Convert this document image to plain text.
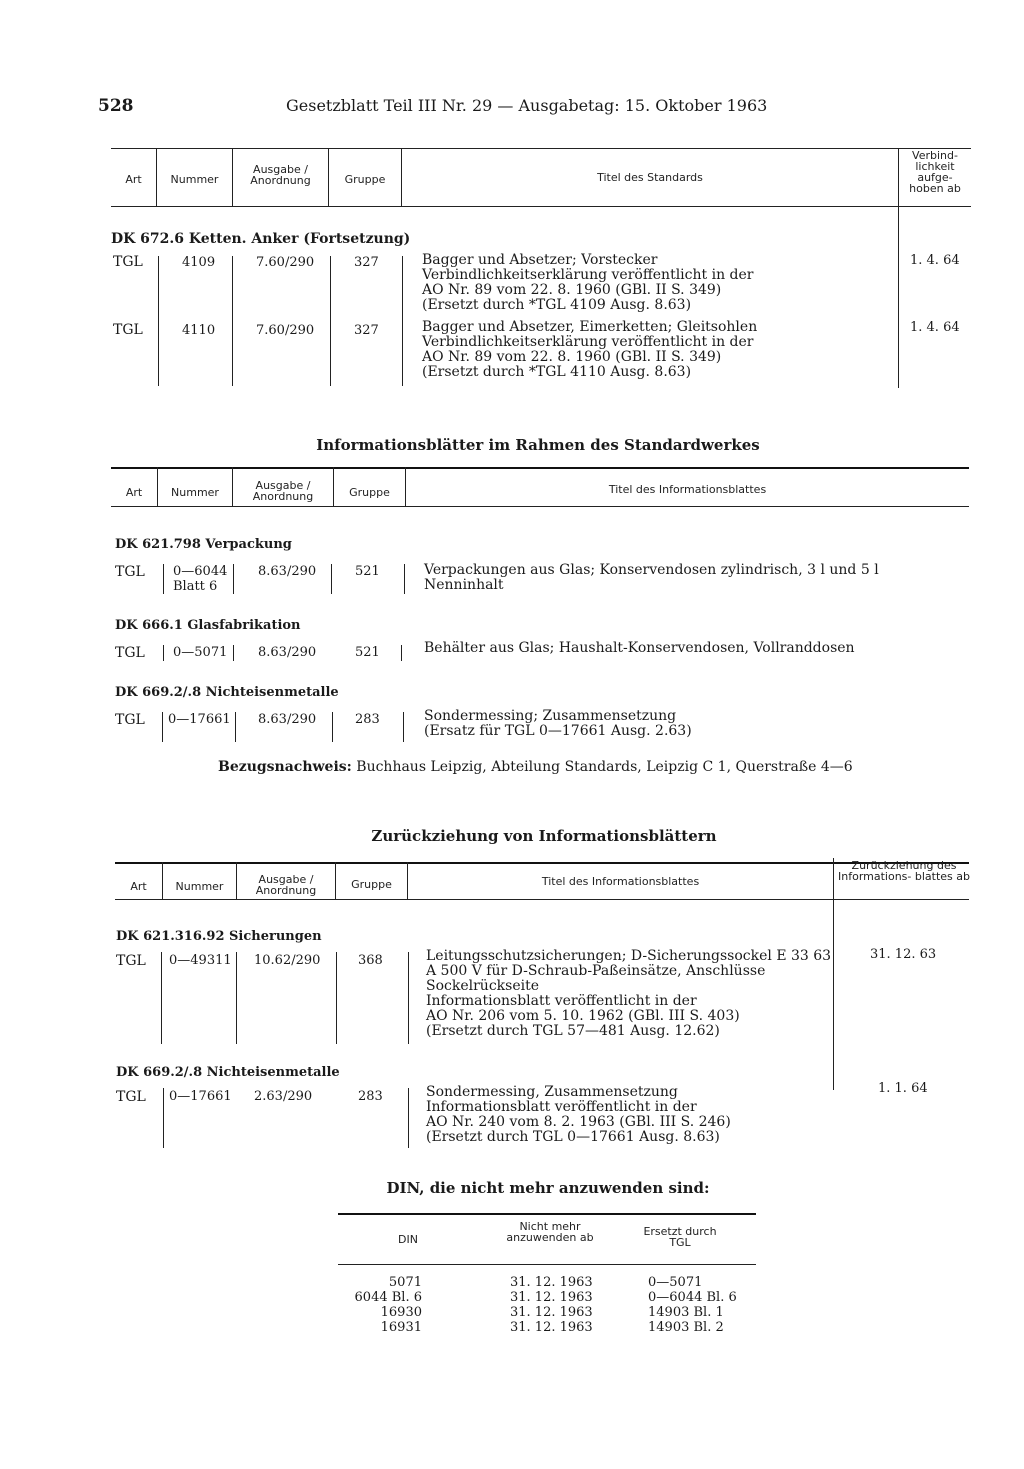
528	Gesetzblatt Teil III Nr. 29 — Ausgabetag: 15. Oktober 1963
Art	Nummer
Ausgabe / Anordnung	Gruppe	Titel des Standards
Verbind- lichkeit aufge- hoben ab
DK 672.6 Ketten. Anker (Fortsetzung)
TGL	4109	7.60/290	327	Bagger und Absetzer; Vorstecker
Verbindlichkeitserklärung veröffentlicht in der
AO Nr. 89 vom 22. 8. 1960 (GBl. II S. 349)
(Ersetzt durch *TGL 4109 Ausg. 8.63)
1. 4. 64
TGL	4110	7.60/290	327	Bagger und Absetzer, Eimerketten; Gleitsohlen
Verbindlichkeitserklärung veröffentlicht in der
AO Nr. 89 vom 22. 8. 1960 (GBl. II S. 349)
(Ersetzt durch *TGL 4110 Ausg. 8.63)
1. 4. 64
Informationsblätter im Rahmen des Standardwerkes
Art	Nummer
Ausgabe / Anordnung	Gruppe	Titel des Informationsblattes
DK 621.798 Verpackung
TGL 0—6044
Blatt 6
8.63/290	521	Verpackungen aus Glas; Konservendosen zylindrisch, 3 l und 5 l
Nenninhalt
DK 666.1 Glasfabrikation
TGL 0—5071 8.63/290	521	Behälter aus Glas; Haushalt-Konservendosen, Vollranddosen
DK 669.2/.8 Nichteisenmetalle
TGL 0—17661 8.63/290	283	Sondermessing; Zusammensetzung
(Ersatz für TGL 0—17661 Ausg. 2.63)
Bezugsnachweis: Buchhaus Leipzig, Abteilung Standards, Leipzig C 1, Querstraße 4—6
Zurückziehung von Informationsblättern
Art	Nummer
Ausgabe / Anordnung	Gruppe	Titel des Informationsblattes
Zurückziehung des Informations- blattes ab
DK 621.316.92 Sicherungen
TGL 0—49311 10.62/290	368	Leitungsschutzsicherungen; D-Sicherungssockel E 33 63
A 500 V für D-Schraub-Paßeinsätze, Anschlüsse
Sockelrückseite
Informationsblatt veröffentlicht in der
AO Nr. 206 vom 5. 10. 1962 (GBl. III S. 403)
(Ersetzt durch TGL 57—481 Ausg. 12.62)
31. 12. 63
DK 669.2/.8 Nichteisenmetalle
TGL 0—17661 2.63/290	283	Sondermessing, Zusammensetzung
Informationsblatt veröffentlicht in der
AO Nr. 240 vom 8. 2. 1963 (GBl. III S. 246)
(Ersetzt durch TGL 0—17661 Ausg. 8.63)
1. 1. 64
DIN, die nicht mehr anzuwenden sind:
DIN
Nicht mehr anzuwenden ab	Ersetzt durch TGL
5071	31. 12. 1963	0—5071
6044 Bl. 6	31. 12. 1963	0—6044 Bl. 6
16930	31. 12. 1963	14903 Bl. 1
16931	31. 12. 1963	14903 Bl. 2
